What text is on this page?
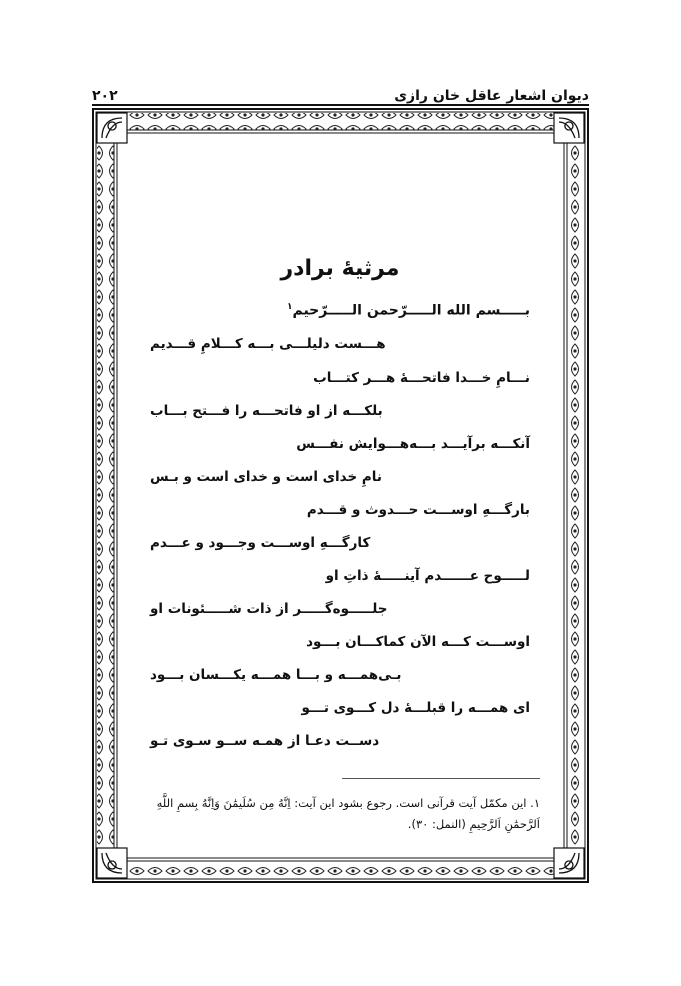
دیوان اشعار عاقل خان رازی
۲۰۲
مرثیهٔ برادر
بـــــسم الله الـــــرّحمن الـــــرّحیم$^۱$
هـــست دلیلـــی بـــه کـــلامِ قـــدیم
نـــامِ خـــدا فاتحـــهٔ هـــر کتـــاب
بلکـــه از او فاتحـــه را فـــتح بـــاب
آنکـــه برآیـــد بـــه‌هـــوایش نفـــس
نامِ خدای است و خدای است و بـس
بارگـــهِ اوســـت حـــدوث و قـــدم
کارگـــهِ اوســـت وجـــود و عـــدم
لـــــوح عــــــدم آینـــــهٔ ذاتِ او
جلـــــوه‌گـــــر از ذات شـــــئونات او
اوســـت کـــه الآن کماکـــان بـــود
بـی‌همـــه و بـــا همـــه یکـــسان بـــود
ای همـــه را قبلـــهٔ دل کـــوی تـــو
دســت دعـا از همـه ســو سـوی تـو
۱. این مکمّل آیت قرآنی است. رجوع بشود این آیت: اِنَّهُ مِن سُلَیمَٰنَ وَاِنَّهُ بِسمِ اللَّهِ
اَلرَّحمَٰنِ اَلرَّحِیمِ (النمل: ۳۰).
